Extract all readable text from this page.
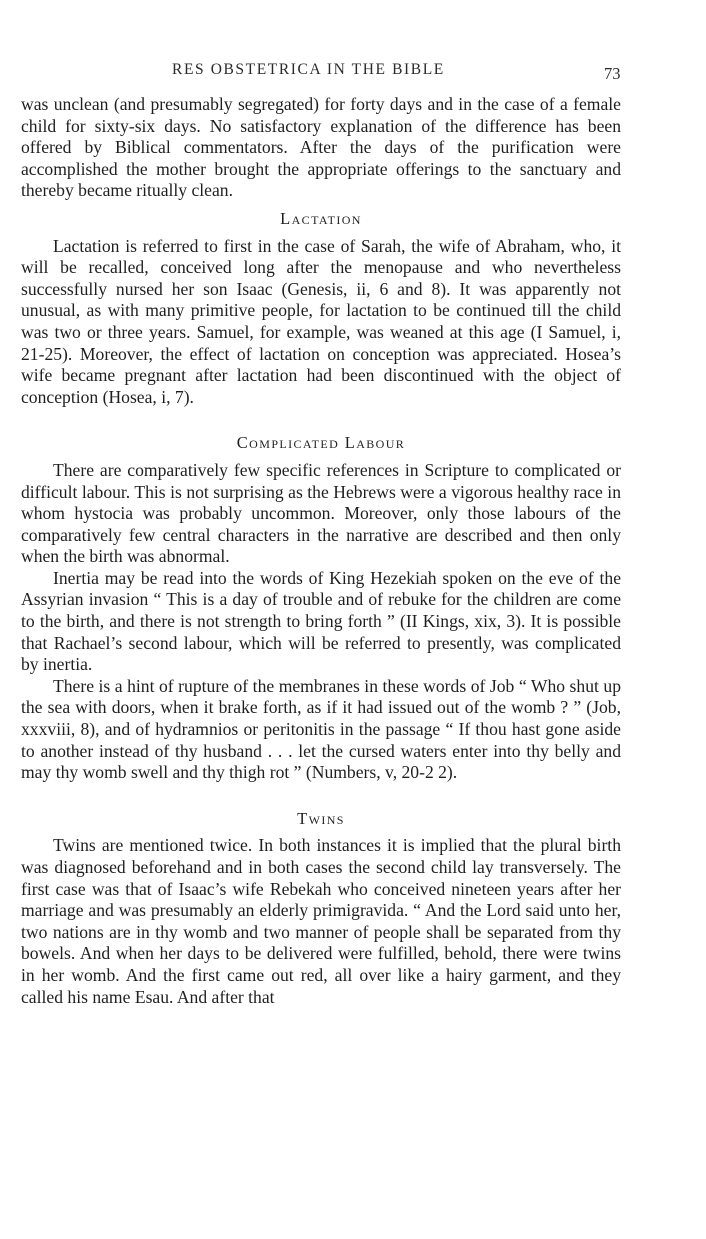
RES OBSTETRICA IN THE BIBLE	73

was unclean (and presumably segregated) for forty days and in the case of a female child for sixty-six days. No satisfactory explanation of the difference has been offered by Biblical commentators. After the days of the purification were accomplished the mother brought the appropriate offerings to the sanctuary and thereby became ritually clean.

Lactation

Lactation is referred to first in the case of Sarah, the wife of Abraham, who, it will be recalled, conceived long after the menopause and who nevertheless successfully nursed her son Isaac (Genesis, ii, 6 and 8). It was apparently not unusual, as with many primitive people, for lactation to be continued till the child was two or three years. Samuel, for example, was weaned at this age (I Samuel, i, 21-25). Moreover, the effect of lactation on conception was appreciated. Hosea’s wife became pregnant after lactation had been discontinued with the object of conception (Hosea, i, 7).

Complicated Labour

There are comparatively few specific references in Scripture to complicated or difficult labour. This is not surprising as the Hebrews were a vigorous healthy race in whom hystocia was probably uncommon. Moreover, only those labours of the comparatively few central characters in the narrative are described and then only when the birth was abnormal.

Inertia may be read into the words of King Hezekiah spoken on the eve of the Assyrian invasion “ This is a day of trouble and of rebuke for the children are come to the birth, and there is not strength to bring forth ” (II Kings, xix, 3). It is possible that Rachael’s second labour, which will be referred to presently, was complicated by inertia.

There is a hint of rupture of the membranes in these words of Job “ Who shut up the sea with doors, when it brake forth, as if it had issued out of the womb ? ” (Job, xxxviii, 8), and of hydramnios or peritonitis in the passage “ If thou hast gone aside to another instead of thy husband . . . let the cursed waters enter into thy belly and may thy womb swell and thy thigh rot ” (Numbers, v, 20-2 2).

Twins

Twins are mentioned twice. In both instances it is implied that the plural birth was diagnosed beforehand and in both cases the second child lay transversely. The first case was that of Isaac’s wife Rebekah who conceived nineteen years after her marriage and was presumably an elderly primigravida. “ And the Lord said unto her, two nations are in thy womb and two manner of people shall be separated from thy bowels. And when her days to be delivered were fulfilled, behold, there were twins in her womb. And the first came out red, all over like a hairy garment, and they called his name Esau. And after that
